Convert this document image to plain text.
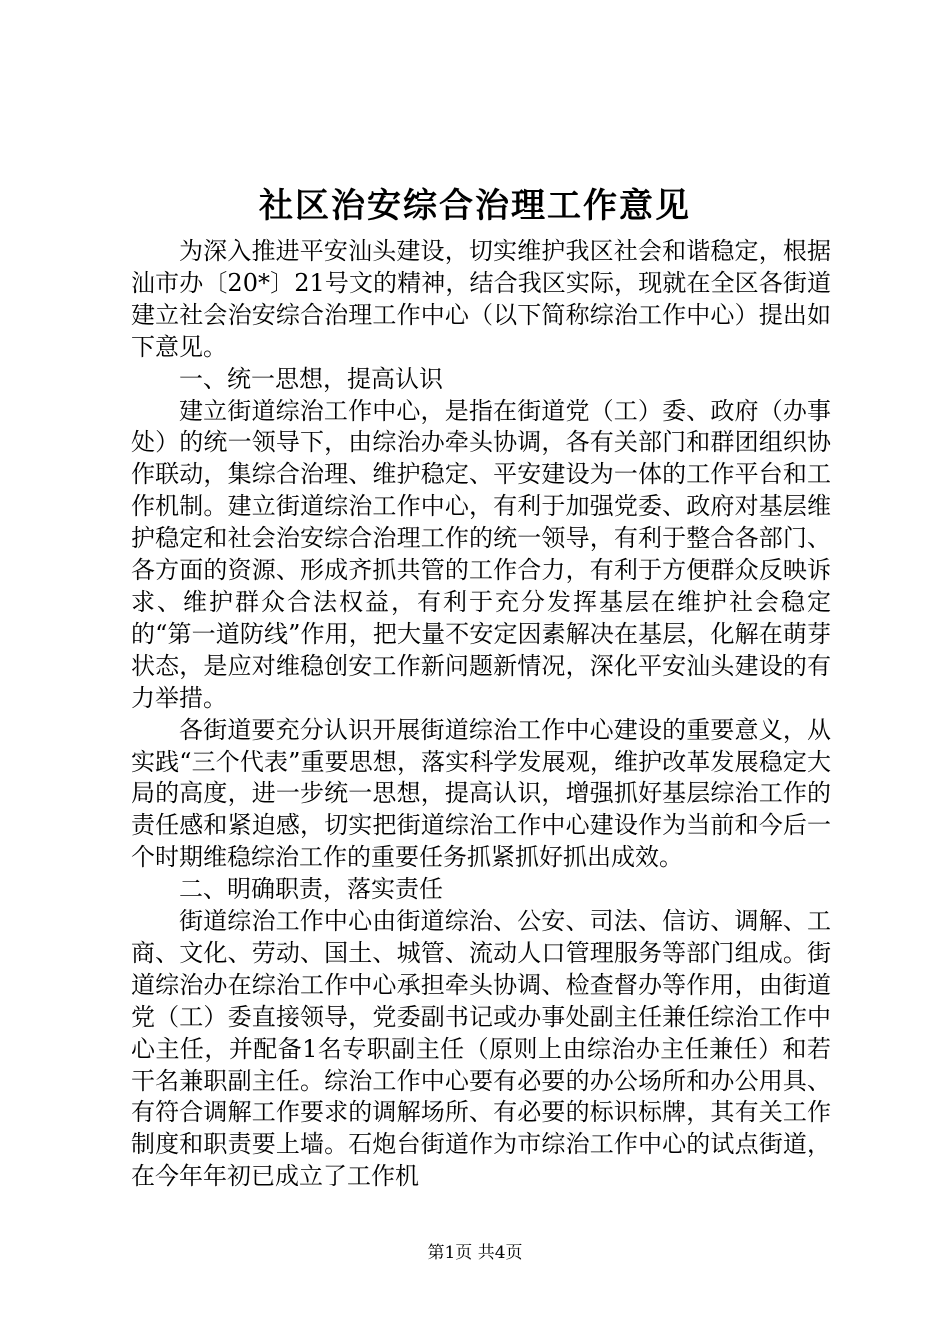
社区治安综合治理工作意见

为深入推进平安汕头建设，切实维护我区社会和谐稳定，根据汕市办〔20*〕21号文的精神，结合我区实际，现就在全区各街道建立社会治安综合治理工作中心（以下简称综治工作中心）提出如下意见。

一、统一思想，提高认识

建立街道综治工作中心，是指在街道党（工）委、政府（办事处）的统一领导下，由综治办牵头协调，各有关部门和群团组织协作联动，集综合治理、维护稳定、平安建设为一体的工作平台和工作机制。建立街道综治工作中心，有利于加强党委、政府对基层维护稳定和社会治安综合治理工作的统一领导，有利于整合各部门、各方面的资源、形成齐抓共管的工作合力，有利于方便群众反映诉求、维护群众合法权益，有利于充分发挥基层在维护社会稳定的“第一道防线”作用，把大量不安定因素解决在基层，化解在萌芽状态，是应对维稳创安工作新问题新情况，深化平安汕头建设的有力举措。

各街道要充分认识开展街道综治工作中心建设的重要意义，从实践“三个代表”重要思想，落实科学发展观，维护改革发展稳定大局的高度，进一步统一思想，提高认识，增强抓好基层综治工作的责任感和紧迫感，切实把街道综治工作中心建设作为当前和今后一个时期维稳综治工作的重要任务抓紧抓好抓出成效。

二、明确职责，落实责任

街道综治工作中心由街道综治、公安、司法、信访、调解、工商、文化、劳动、国土、城管、流动人口管理服务等部门组成。街道综治办在综治工作中心承担牵头协调、检查督办等作用，由街道党（工）委直接领导，党委副书记或办事处副主任兼任综治工作中心主任，并配备1名专职副主任（原则上由综治办主任兼任）和若干名兼职副主任。综治工作中心要有必要的办公场所和办公用具、有符合调解工作要求的调解场所、有必要的标识标牌，其有关工作制度和职责要上墙。石炮台街道作为市综治工作中心的试点街道，在今年年初已成立了工作机

第1页 共4页
